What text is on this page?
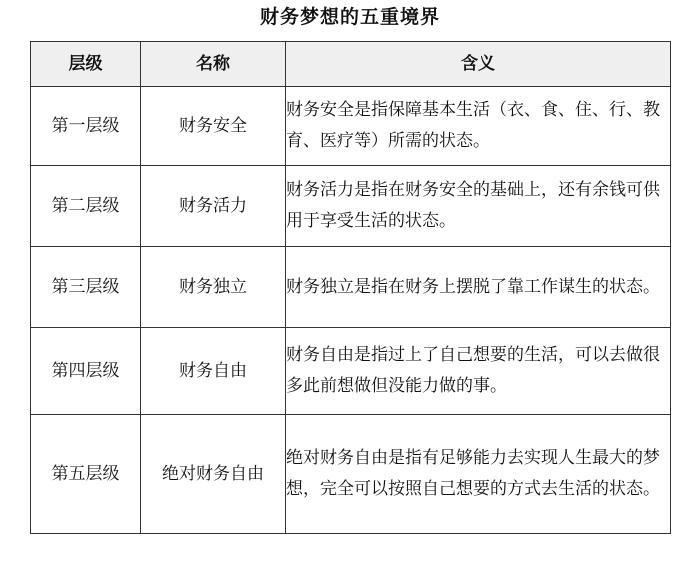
财务梦想的五重境界
层级	名称	含义
第一层级	财务安全	财务安全是指保障基本生活（衣、食、住、行、教育、医疗等）所需的状态。
第二层级	财务活力	财务活力是指在财务安全的基础上，还有余钱可供用于享受生活的状态。
第三层级	财务独立	财务独立是指在财务上摆脱了靠工作谋生的状态。
第四层级	财务自由	财务自由是指过上了自己想要的生活，可以去做很多此前想做但没能力做的事。
第五层级	绝对财务自由	绝对财务自由是指有足够能力去实现人生最大的梦想，完全可以按照自己想要的方式去生活的状态。
